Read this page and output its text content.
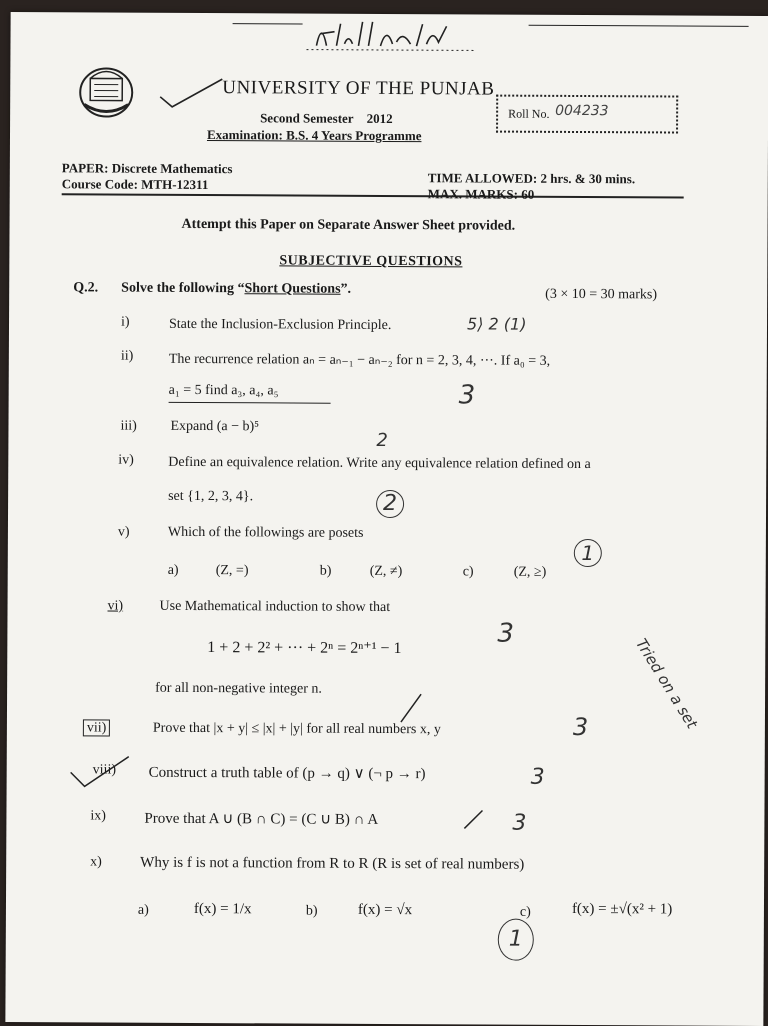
UNIVERSITY OF THE PUNJAB
Second Semester 2012
Examination: B.S. 4 Years Programme
Roll No. 004233
PAPER: Discrete Mathematics
Course Code: MTH-12311	TIME ALLOWED: 2 hrs. & 30 mins.
MAX. MARKS: 60
Attempt this Paper on Separate Answer Sheet provided.
SUBJECTIVE QUESTIONS
Q.2. Solve the following “Short Questions”.	(3 × 10 = 30 marks)
i)	State the Inclusion-Exclusion Principle.	5⟩ 2 (1)
ii)	The recurrence relation aₙ = aₙ₋₁ − aₙ₋₂ for n = 2, 3, 4, ···. If a₀ = 3,
a₁ = 5 find a₃, a₄, a₅	3
iii) Expand (a − b)⁵
iv) Define an equivalence relation. Write any equivalence relation defined on a
set {1, 2, 3, 4}.
2
2
v)	Which of the followings are posets
a)	(Z, =)	b)	(Z, ≠)	c)	(Z, ≥)
1
vi)	Use Mathematical induction to show that
1 + 2 + 2² + ··· + 2ⁿ = 2ⁿ⁺¹ − 1
for all non-negative integer n.
3
Tried on a set
vii)	Prove that |x + y| ≤ |x| + |y| for all real numbers x, y	3
viii) Construct a truth table of (p → q) ∨ (¬ p → r)	3
ix)	Prove that A ∪ (B ∩ C) = (C ∪ B) ∩ A	3
x)	Why is f is not a function from R to R (R is set of real numbers)
a)	f(x) = 1/x	b)	f(x) = √x	c)	f(x) = ±√(x² + 1)
1
